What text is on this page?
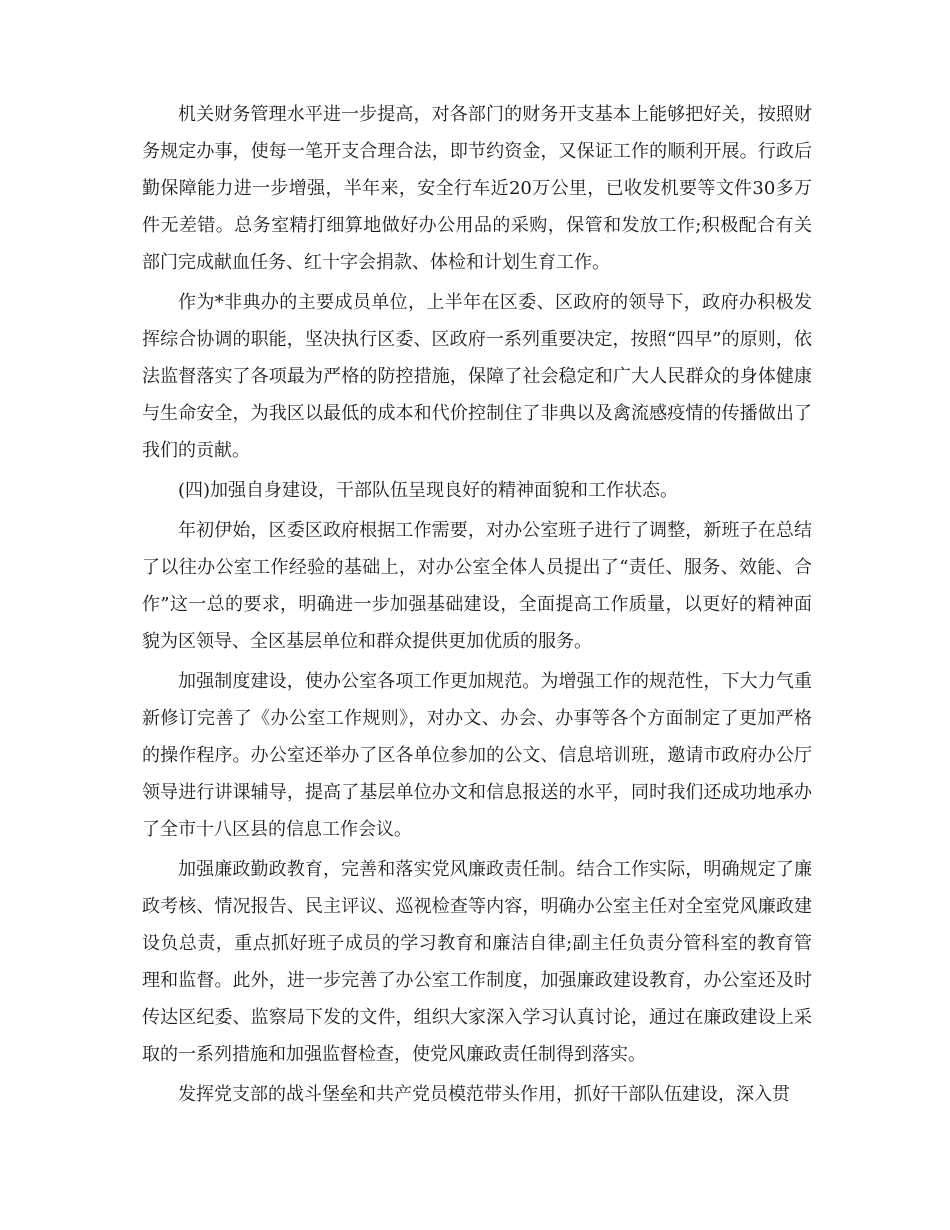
机关财务管理水平进一步提高，对各部门的财务开支基本上能够把好关，按照财务规定办事，使每一笔开支合理合法，即节约资金，又保证工作的顺利开展。行政后勤保障能力进一步增强，半年来，安全行车近20万公里，已收发机要等文件30多万件无差错。总务室精打细算地做好办公用品的采购，保管和发放工作;积极配合有关部门完成献血任务、红十字会捐款、体检和计划生育工作。

作为*非典办的主要成员单位，上半年在区委、区政府的领导下，政府办积极发挥综合协调的职能，坚决执行区委、区政府一系列重要决定，按照“四早”的原则，依法监督落实了各项最为严格的防控措施，保障了社会稳定和广大人民群众的身体健康与生命安全，为我区以最低的成本和代价控制住了非典以及禽流感疫情的传播做出了我们的贡献。

(四)加强自身建设，干部队伍呈现良好的精神面貌和工作状态。

年初伊始，区委区政府根据工作需要，对办公室班子进行了调整，新班子在总结了以往办公室工作经验的基础上，对办公室全体人员提出了“责任、服务、效能、合作”这一总的要求，明确进一步加强基础建设，全面提高工作质量，以更好的精神面貌为区领导、全区基层单位和群众提供更加优质的服务。

加强制度建设，使办公室各项工作更加规范。为增强工作的规范性，下大力气重新修订完善了《办公室工作规则》，对办文、办会、办事等各个方面制定了更加严格的操作程序。办公室还举办了区各单位参加的公文、信息培训班，邀请市政府办公厅领导进行讲课辅导，提高了基层单位办文和信息报送的水平，同时我们还成功地承办了全市十八区县的信息工作会议。

加强廉政勤政教育，完善和落实党风廉政责任制。结合工作实际，明确规定了廉政考核、情况报告、民主评议、巡视检查等内容，明确办公室主任对全室党风廉政建设负总责，重点抓好班子成员的学习教育和廉洁自律;副主任负责分管科室的教育管理和监督。此外，进一步完善了办公室工作制度，加强廉政建设教育，办公室还及时传达区纪委、监察局下发的文件，组织大家深入学习认真讨论，通过在廉政建设上采取的一系列措施和加强监督检查，使党风廉政责任制得到落实。

发挥党支部的战斗堡垒和共产党员模范带头作用，抓好干部队伍建设，深入贯
